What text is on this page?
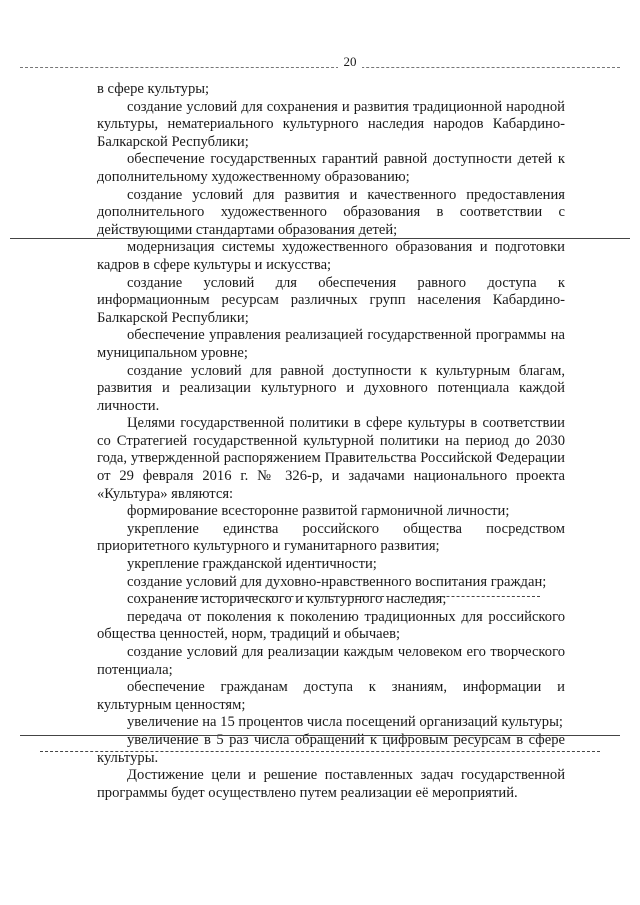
20

в сфере культуры;

создание условий для сохранения и развития традиционной народной культуры, нематериального культурного наследия народов Кабардино-Балкарской Республики;

обеспечение государственных гарантий равной доступности детей к дополнительному художественному образованию;

создание условий для развития и качественного предоставления дополнительного художественного образования в соответствии с действующими стандартами образования детей;

модернизация системы художественного образования и подготовки кадров в сфере культуры и искусства;

создание условий для обеспечения равного доступа к информационным ресурсам различных групп населения Кабардино-Балкарской Республики;

обеспечение управления реализацией государственной программы на муниципальном уровне;

создание условий для равной доступности к культурным благам, развития и реализации культурного и духовного потенциала каждой личности.

Целями государственной политики в сфере культуры в соответствии со Стратегией государственной культурной политики на период до 2030 года, утвержденной распоряжением Правительства Российской Федерации от 29 февраля 2016 г. № 326-р, и задачами национального проекта «Культура» являются:

формирование всесторонне развитой гармоничной личности;

укрепление единства российского общества посредством приоритетного культурного и гуманитарного развития;

укрепление гражданской идентичности;

создание условий для духовно-нравственного воспитания граждан;

сохранение исторического и культурного наследия;

передача от поколения к поколению традиционных для российского общества ценностей, норм, традиций и обычаев;

создание условий для реализации каждым человеком его творческого потенциала;

обеспечение гражданам доступа к знаниям, информации и культурным ценностям;

увеличение на 15 процентов числа посещений организаций культуры;

увеличение в 5 раз числа обращений к цифровым ресурсам в сфере культуры.

Достижение цели и решение поставленных задач государственной программы будет осуществлено путем реализации её мероприятий.
